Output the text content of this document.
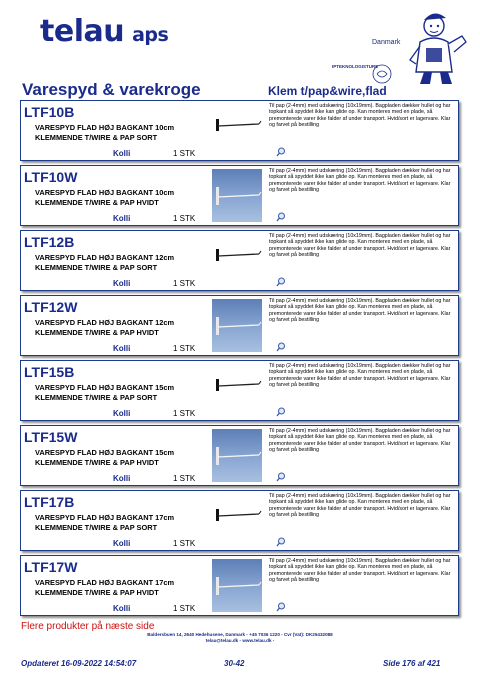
telau aps	Danmark
IPTEKNOLOGISTURE
Varespyd & varekroge	Klem t/pap&wire,flad
LTF10B
VARESPYD FLAD HØJ BAGKANT 10cm
KLEMMENDE T/WIRE & PAP SORT
Kolli	1 STK
Til pap (2-4mm) med udskæring (10x19mm). Bagpladen dækker hullet og har topkant så spyddet ikke kan glide op. Kan monteres med en plade, så premonterede varer ikke falder af under transport. Hvid/sort er lagervare. Klar og farvet på bestilling
LTF10W
VARESPYD FLAD HØJ BAGKANT 10cm
KLEMMENDE T/WIRE & PAP HVIDT
Kolli	1 STK
Til pap (2-4mm) med udskæring (10x19mm). Bagpladen dækker hullet og har topkant så spyddet ikke kan glide op. Kan monteres med en plade, så premonterede varer ikke falder af under transport. Hvid/sort er lagervare. Klar og farvet på bestilling
LTF12B
VARESPYD FLAD HØJ BAGKANT 12cm
KLEMMENDE T/WIRE & PAP SORT
Kolli	1 STK
Til pap (2-4mm) med udskæring (10x19mm). Bagpladen dækker hullet og har topkant så spyddet ikke kan glide op. Kan monteres med en plade, så premonterede varer ikke falder af under transport. Hvid/sort er lagervare. Klar og farvet på bestilling
LTF12W
VARESPYD FLAD HØJ BAGKANT 12cm
KLEMMENDE T/WIRE & PAP HVIDT
Kolli	1 STK
Til pap (2-4mm) med udskæring (10x19mm). Bagpladen dækker hullet og har topkant så spyddet ikke kan glide op. Kan monteres med en plade, så premonterede varer ikke falder af under transport. Hvid/sort er lagervare. Klar og farvet på bestilling
LTF15B
VARESPYD FLAD HØJ BAGKANT 15cm
KLEMMENDE T/WIRE & PAP SORT
Kolli	1 STK
Til pap (2-4mm) med udskæring (10x19mm). Bagpladen dækker hullet og har topkant så spyddet ikke kan glide op. Kan monteres med en plade, så premonterede varer ikke falder af under transport. Hvid/sort er lagervare. Klar og farvet på bestilling
LTF15W
VARESPYD FLAD HØJ BAGKANT 15cm
KLEMMENDE T/WIRE & PAP HVIDT
Kolli	1 STK
Til pap (2-4mm) med udskæring (10x19mm). Bagpladen dækker hullet og har topkant så spyddet ikke kan glide op. Kan monteres med en plade, så premonterede varer ikke falder af under transport. Hvid/sort er lagervare. Klar og farvet på bestilling
LTF17B
VARESPYD FLAD HØJ BAGKANT 17cm
KLEMMENDE T/WIRE & PAP SORT
Kolli	1 STK
Til pap (2-4mm) med udskæring (10x19mm). Bagpladen dækker hullet og har topkant så spyddet ikke kan glide op. Kan monteres med en plade, så premonterede varer ikke falder af under transport. Hvid/sort er lagervare. Klar og farvet på bestilling
LTF17W
VARESPYD FLAD HØJ BAGKANT 17cm
KLEMMENDE T/WIRE & PAP HVIDT
Kolli	1 STK
Til pap (2-4mm) med udskæring (10x19mm). Bagpladen dækker hullet og har topkant så spyddet ikke kan glide op. Kan monteres med en plade, så premonterede varer ikke falder af under transport. Hvid/sort er lagervare. Klar og farvet på bestilling
Flere produkter på næste side
Baldersbuen 14, 2640 Hedehusene, Danmark - +45 7036 1220 - Cvr (Vat): DK25432088
telau@telau.dk - www.telau.dk -
Opdateret 16-09-2022 14:54:07	30-42	Side 176 af 421
